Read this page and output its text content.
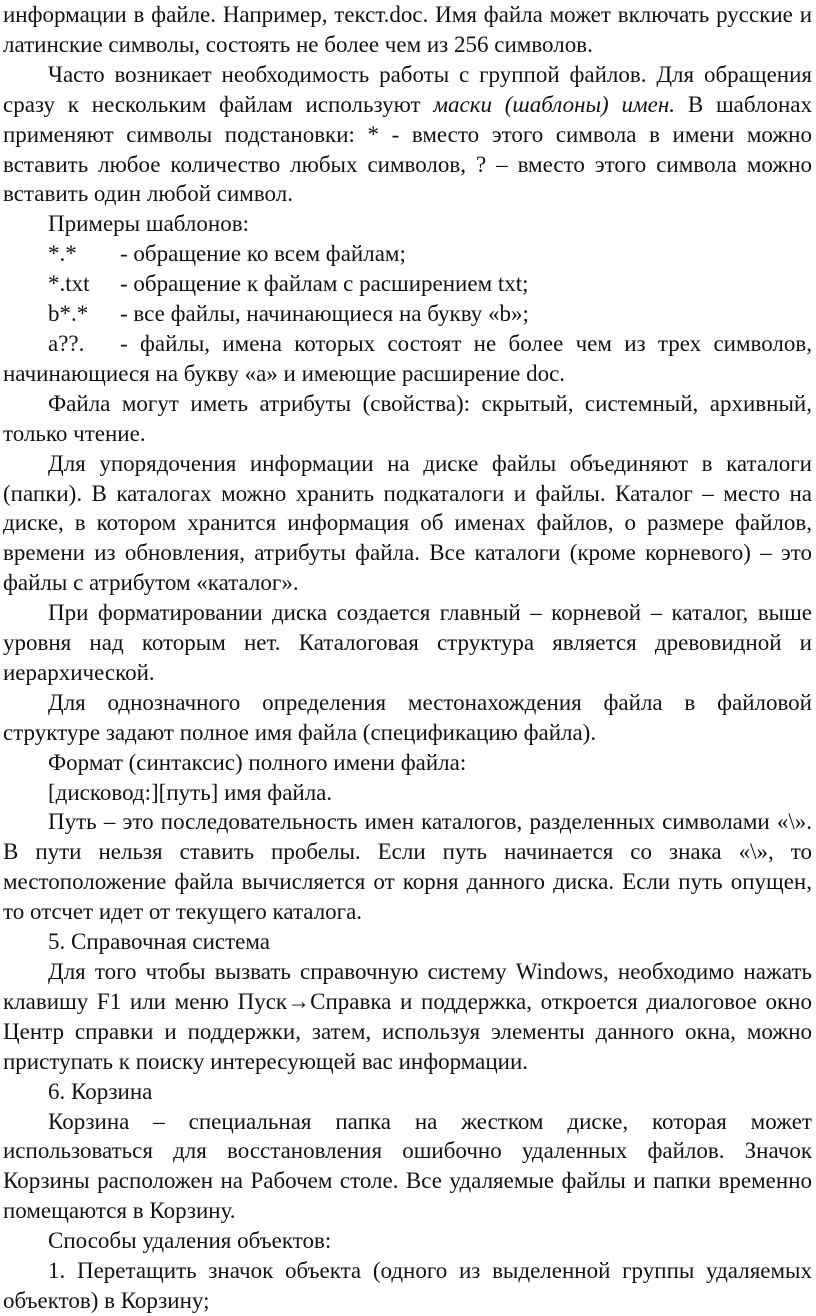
информации в файле. Например, текст.doc. Имя файла может включать русские и латинские символы, состоять не более чем из 256 символов.

Часто возникает необходимость работы с группой файлов. Для обращения сразу к нескольким файлам используют маски (шаблоны) имен. В шаблонах применяют символы подстановки: * - вместо этого символа в имени можно вставить любое количество любых символов, ? – вместо этого символа можно вставить один любой символ.

Примеры шаблонов:

*.* - обращение ко всем файлам;

*.txt - обращение к файлам с расширением txt;

b*.* - все файлы, начинающиеся на букву «b»;

a??. - файлы, имена которых состоят не более чем из трех символов, начинающиеся на букву «a» и имеющие расширение doc.

Файла могут иметь атрибуты (свойства): скрытый, системный, архивный, только чтение.

Для упорядочения информации на диске файлы объединяют в каталоги (папки). В каталогах можно хранить подкаталоги и файлы. Каталог – место на диске, в котором хранится информация об именах файлов, о размере файлов, времени из обновления, атрибуты файла. Все каталоги (кроме корневого) – это файлы с атрибутом «каталог».

При форматировании диска создается главный – корневой – каталог, выше уровня над которым нет. Каталоговая структура является древовидной и иерархической.

Для однозначного определения местонахождения файла в файловой структуре задают полное имя файла (спецификацию файла).

Формат (синтаксис) полного имени файла:

[дисковод:][путь] имя файла.

Путь – это последовательность имен каталогов, разделенных символами «\». В пути нельзя ставить пробелы. Если путь начинается со знака «\», то местоположение файла вычисляется от корня данного диска. Если путь опущен, то отсчет идет от текущего каталога.

5. Справочная система

Для того чтобы вызвать справочную систему Windows, необходимо нажать клавишу F1 или меню Пуск→Справка и поддержка, откроется диалоговое окно Центр справки и поддержки, затем, используя элементы данного окна, можно приступать к поиску интересующей вас информации.

6. Корзина

Корзина – специальная папка на жестком диске, которая может использоваться для восстановления ошибочно удаленных файлов. Значок Корзины расположен на Рабочем столе. Все удаляемые файлы и папки временно помещаются в Корзину.

Способы удаления объектов:

1. Перетащить значок объекта (одного из выделенной группы удаляемых объектов) в Корзину;
